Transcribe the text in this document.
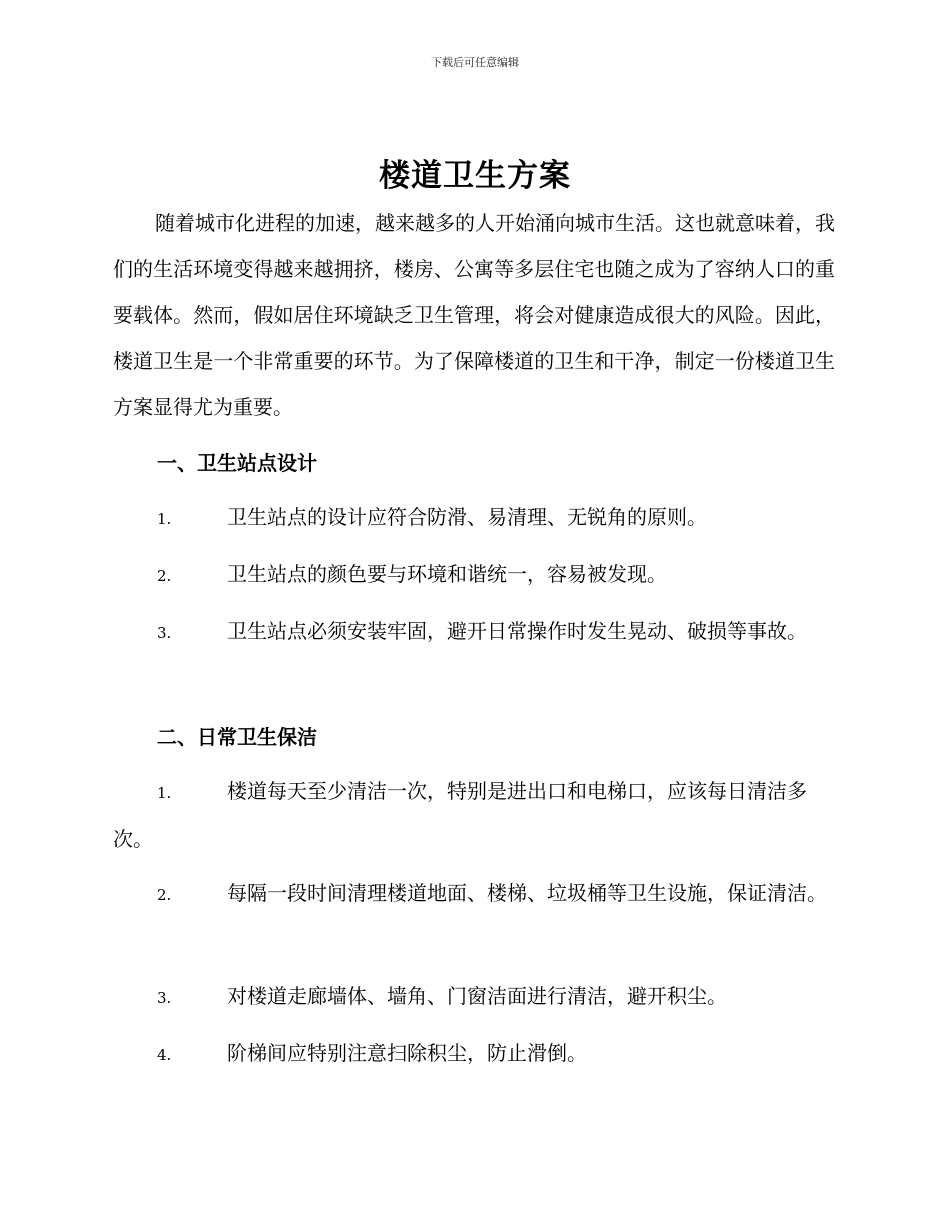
下载后可任意编辑
楼道卫生方案

随着城市化进程的加速，越来越多的人开始涌向城市生活。这也就意味着，我们的生活环境变得越来越拥挤，楼房、公寓等多层住宅也随之成为了容纳人口的重要载体。然而，假如居住环境缺乏卫生管理，将会对健康造成很大的风险。因此，楼道卫生是一个非常重要的环节。为了保障楼道的卫生和干净，制定一份楼道卫生方案显得尤为重要。

一、卫生站点设计

1.	卫生站点的设计应符合防滑、易清理、无锐角的原则。

2.	卫生站点的颜色要与环境和谐统一，容易被发现。

3.	卫生站点必须安装牢固，避开日常操作时发生晃动、破损等事故。

二、日常卫生保洁

1.	楼道每天至少清洁一次，特别是进出口和电梯口，应该每日清洁多次。

2.	每隔一段时间清理楼道地面、楼梯、垃圾桶等卫生设施，保证清洁。

3.	对楼道走廊墙体、墙角、门窗洁面进行清洁，避开积尘。

4.	阶梯间应特别注意扫除积尘，防止滑倒。
